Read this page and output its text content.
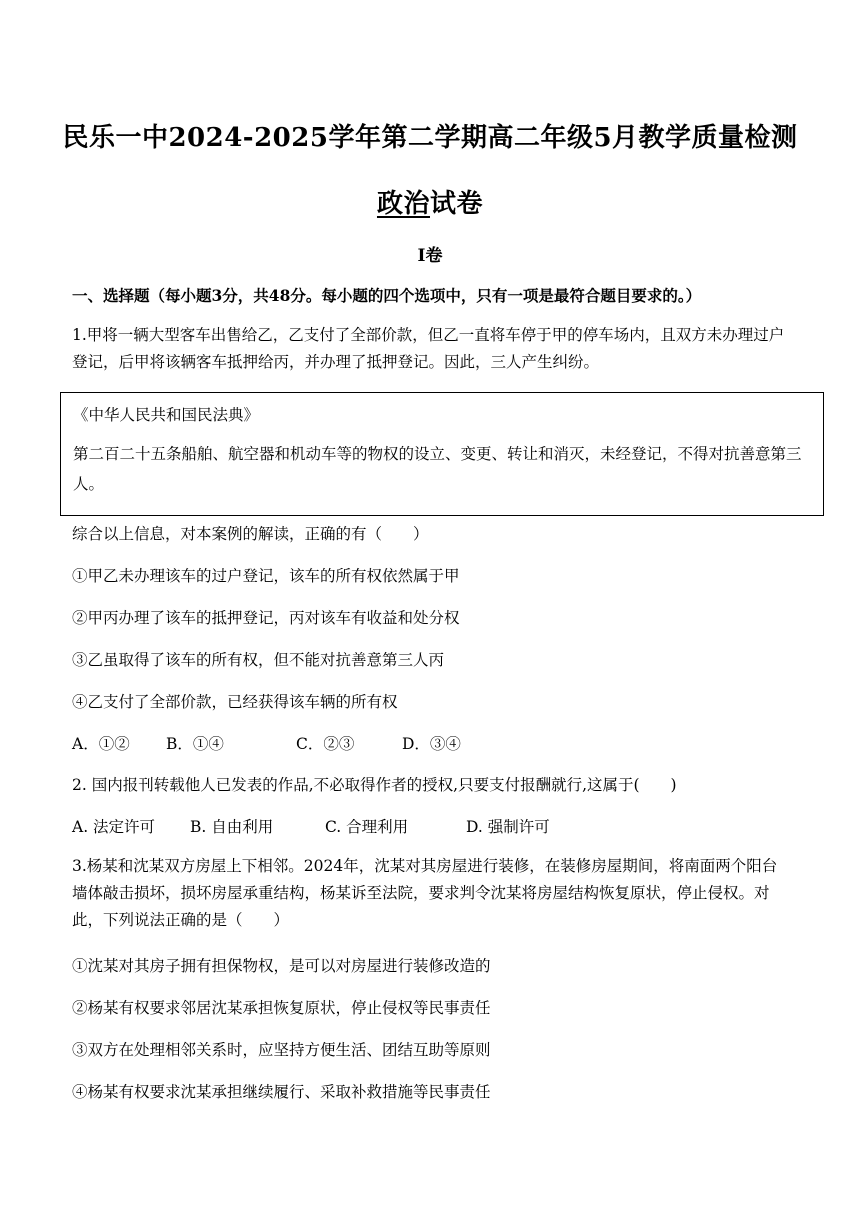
民乐一中2024-2025学年第二学期高二年级5月教学质量检测
政治试卷
Ⅰ卷
一、选择题（每小题3分，共48分。每小题的四个选项中，只有一项是最符合题目要求的。）
1.甲将一辆大型客车出售给乙，乙支付了全部价款，但乙一直将车停于甲的停车场内，且双方未办理过户登记，后甲将该辆客车抵押给丙，并办理了抵押登记。因此，三人产生纠纷。
《中华人民共和国民法典》
第二百二十五条船舶、航空器和机动车等的物权的设立、变更、转让和消灭，未经登记，不得对抗善意第三人。
综合以上信息，对本案例的解读，正确的有（　　）
①甲乙未办理该车的过户登记，该车的所有权依然属于甲
②甲丙办理了该车的抵押登记，丙对该车有收益和处分权
③乙虽取得了该车的所有权，但不能对抗善意第三人丙
④乙支付了全部价款，已经获得该车辆的所有权
A．①② B．①④	C．②③	D．③④
2. 国内报刊转载他人已发表的作品,不必取得作者的授权,只要支付报酬就行,这属于(　　)
A. 法定许可 B. 自由利用	C. 合理利用	D. 强制许可
3.杨某和沈某双方房屋上下相邻。2024年，沈某对其房屋进行装修，在装修房屋期间，将南面两个阳台墙体敲击损坏，损坏房屋承重结构，杨某诉至法院，要求判令沈某将房屋结构恢复原状，停止侵权。对此，下列说法正确的是（　　）
①沈某对其房子拥有担保物权，是可以对房屋进行装修改造的
②杨某有权要求邻居沈某承担恢复原状，停止侵权等民事责任
③双方在处理相邻关系时，应坚持方便生活、团结互助等原则
④杨某有权要求沈某承担继续履行、采取补救措施等民事责任
